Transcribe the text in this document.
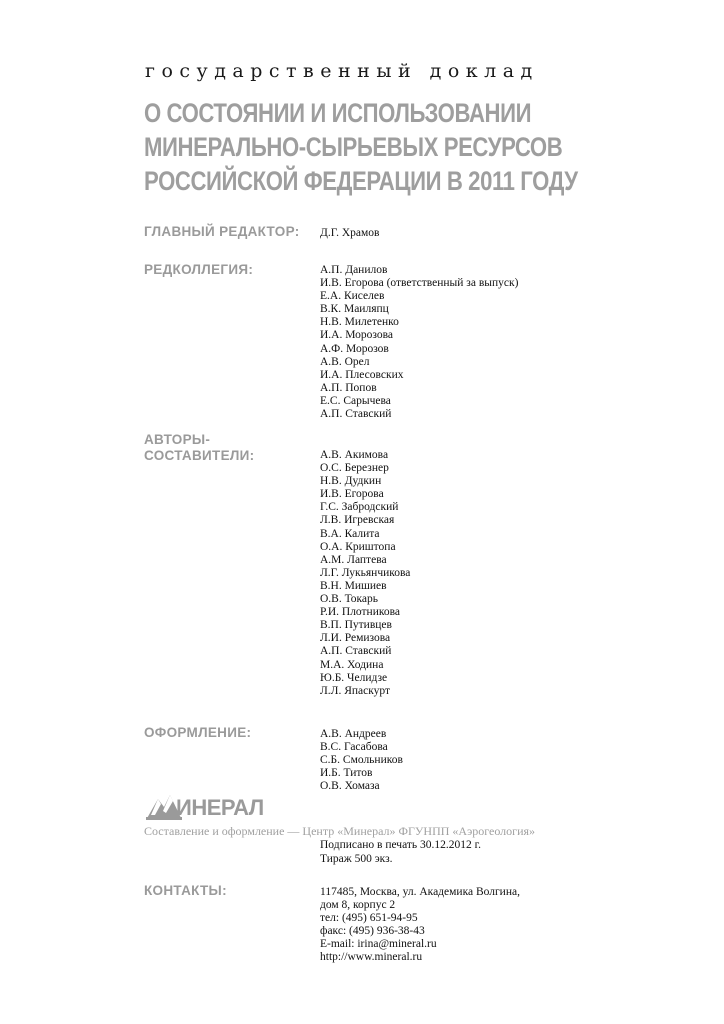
государственный доклад
О СОСТОЯНИИ И ИСПОЛЬЗОВАНИИ
МИНЕРАЛЬНО-СЫРЬЕВЫХ РЕСУРСОВ
РОССИЙСКОЙ ФЕДЕРАЦИИ В 2011 ГОДУ
ГЛАВНЫЙ РЕДАКТОР: Д.Г. Храмов
РЕДКОЛЛЕГИЯ:	А.П. Данилов
И.В. Егорова (ответственный за выпуск)
Е.А. Киселев
В.К. Маиляпц
Н.В. Милетенко
И.А. Морозова
А.Ф. Морозов
А.В. Орел
И.А. Плесовских
А.П. Попов
Е.С. Сарычева
А.П. Ставский
АВТОРЫ-
СОСТАВИТЕЛИ:	А.В. Акимова
О.С. Березнер
Н.В. Дудкин
И.В. Егорова
Г.С. Забродский
Л.В. Игревская
В.А. Калита
О.А. Криштопа
А.М. Лаптева
Л.Г. Лукьянчикова
В.Н. Мишиев
О.В. Токарь
Р.И. Плотникова
В.П. Путивцев
Л.И. Ремизова
А.П. Ставский
М.А. Ходина
Ю.Б. Челидзе
Л.Л. Япаскурт
ОФОРМЛЕНИЕ:	А.В. Андреев
В.С. Гасабова
С.Б. Смольников
И.Б. Титов
О.В. Хомаза
ИНЕРАЛ
Составление и оформление — Центр «Минерал» ФГУНПП «Аэрогеология»
Подписано в печать 30.12.2012 г.
Тираж 500 экз.
КОНТАКТЫ:	117485, Москва, ул. Академика Волгина,
дом 8, корпус 2
тел: (495) 651-94-95
факс: (495) 936-38-43
E-mail: irina@mineral.ru
http://www.mineral.ru
